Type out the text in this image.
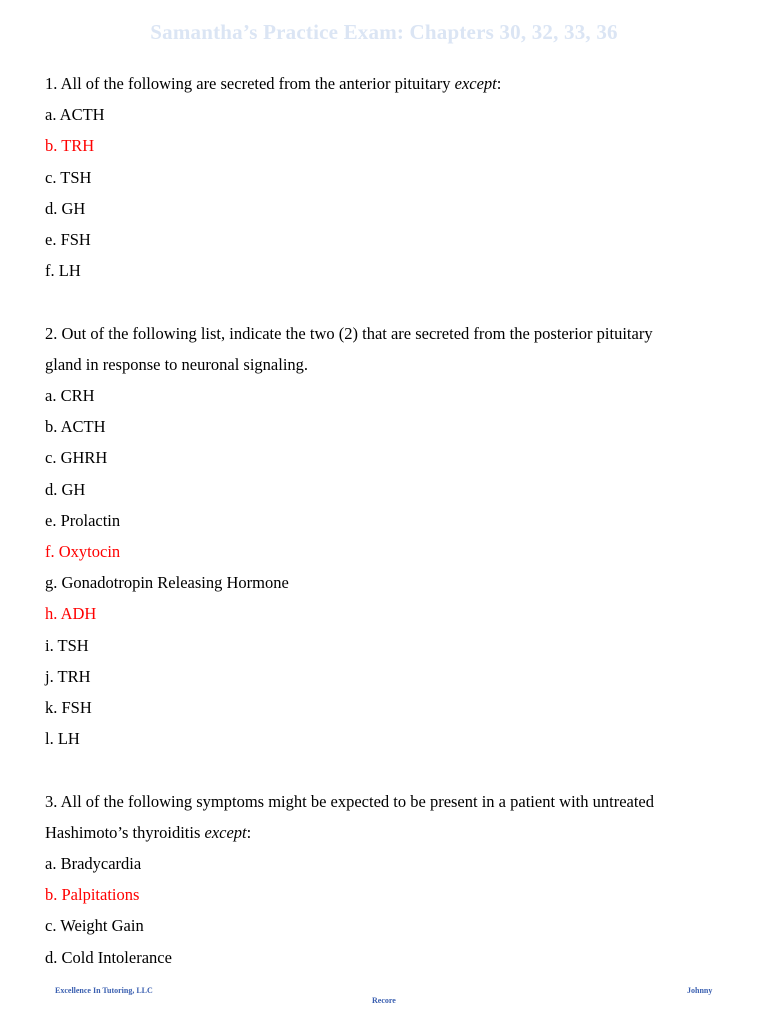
Samantha’s Practice Exam: Chapters 30, 32, 33, 36
1. All of the following are secreted from the anterior pituitary except:
a. ACTH
b. TRH
c. TSH
d. GH
e. FSH
f. LH
2. Out of the following list, indicate the two (2) that are secreted from the posterior pituitary
gland in response to neuronal signaling.
a. CRH
b. ACTH
c. GHRH
d. GH
e. Prolactin
f. Oxytocin
g. Gonadotropin Releasing Hormone
h. ADH
i. TSH
j. TRH
k. FSH
l. LH
3. All of the following symptoms might be expected to be present in a patient with untreated
Hashimoto’s thyroiditis except:
a. Bradycardia
b. Palpitations
c. Weight Gain
d. Cold Intolerance
Excellence In Tutoring, LLC	Johnny
Recore
